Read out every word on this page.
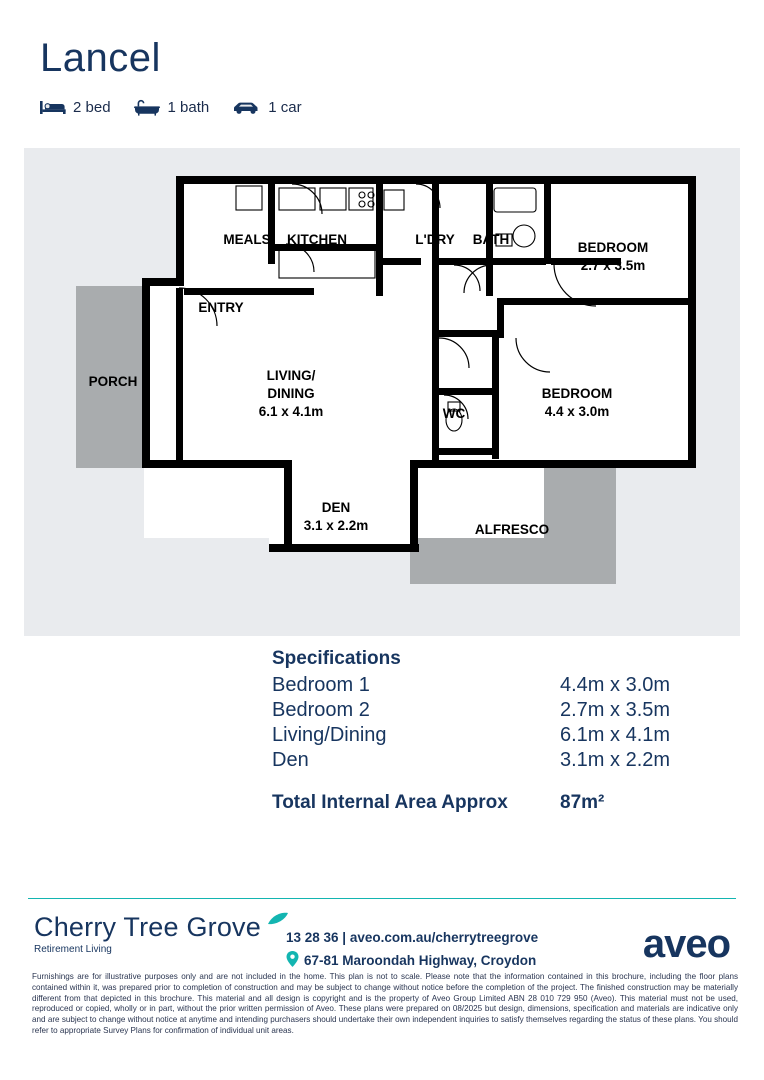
Lancel
2 bed	1 bath	1 car
MEALS	KITCHEN	L'DRY	BATH
BEDROOM
2.7 x 3.5m
ENTRY
PORCH	LIVING/
DINING
6.1 x 4.1m	WC
BEDROOM
4.4 x 3.0m
DEN
3.1 x 2.2m	ALFRESCO
Specifications
Bedroom 1	4.4m x 3.0m
Bedroom 2	2.7m x 3.5m
Living/Dining	6.1m x 4.1m
Den	3.1m x 2.2m
Total Internal Area Approx	87m²
Cherry Tree Grove
Retirement Living
13 28 36 | aveo.com.au/cherrytreegrove
67-81 Maroondah Highway, Croydon	aveo
Furnishings are for illustrative purposes only and are not included in the home. This plan is not to scale. Please note that the information contained in this brochure, including the floor plans contained within it, was prepared prior to completion of construction and may be subject to change without notice before the completion of the project. The finished construction may be materially different from that depicted in this brochure. This material and all design is copyright and is the property of Aveo Group Limited ABN 28 010 729 950 (Aveo). This material must not be used, reproduced or copied, wholly or in part, without the prior written permission of Aveo. These plans were prepared on 08/2025 but design, dimensions, specification and materials are indicative only and are subject to change without notice at anytime and intending purchasers should undertake their own independent inquiries to satisfy themselves regarding the status of these plans. You should refer to appropriate Survey Plans for confirmation of individual unit areas.
